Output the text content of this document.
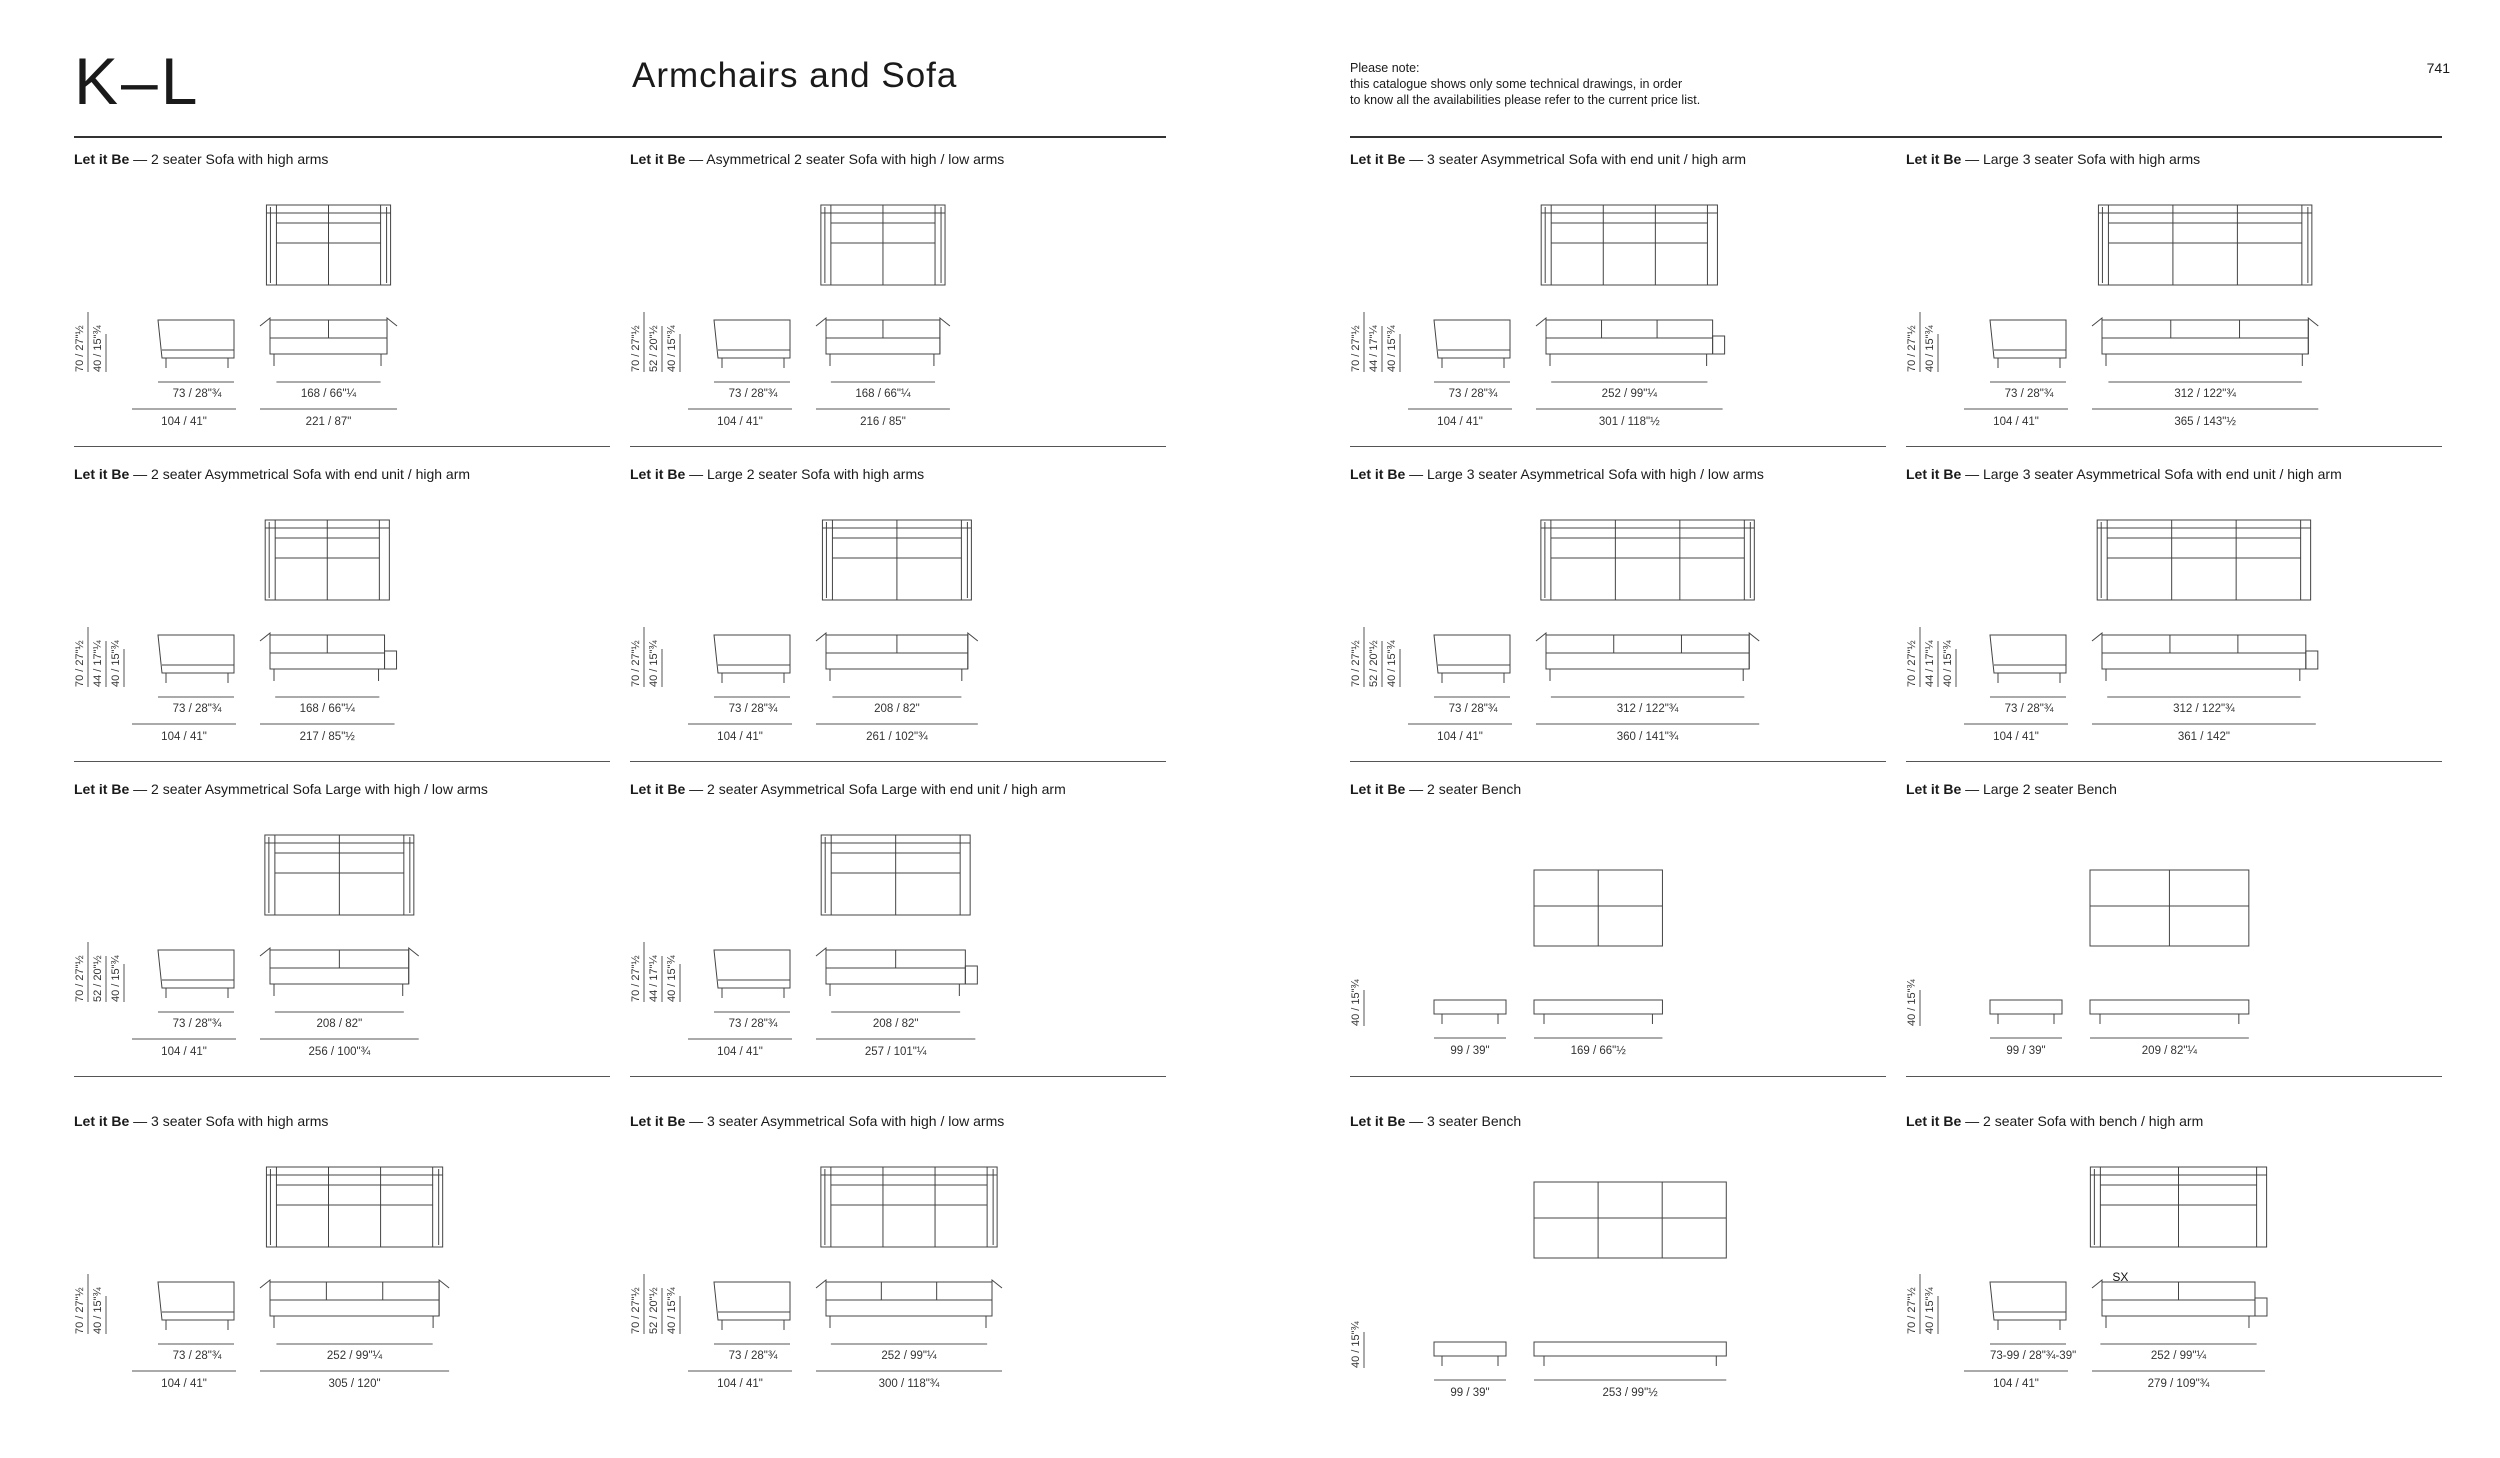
K–L	Armchairs and Sofa	Please note:
this catalogue shows only some technical drawings, in order
to know all the availabilities please refer to the current price list.
741
Let it Be — 2 seater Sofa with high arms
70 / 27"½ 40 / 15"¾
73 / 28"¾
104 / 41"
168 / 66"¼
221 / 87"
Let it Be — Asymmetrical 2 seater Sofa with high / low arms
70 / 27"½ 52 / 20"½ 40 / 15"¾
73 / 28"¾
104 / 41"
168 / 66"¼
216 / 85"
Let it Be — 3 seater Asymmetrical Sofa with end unit / high arm
70 / 27"½ 44 / 17"¼ 40 / 15"¾
73 / 28"¾
104 / 41"
252 / 99"¼
301 / 118"½
Let it Be — Large 3 seater Sofa with high arms
70 / 27"½ 40 / 15"¾
73 / 28"¾
104 / 41"
312 / 122"¾
365 / 143"½
Let it Be — 2 seater Asymmetrical Sofa with end unit / high arm
70 / 27"½ 44 / 17"¼ 40 / 15"¾
73 / 28"¾
104 / 41"
168 / 66"¼
217 / 85"½
Let it Be — Large 2 seater Sofa with high arms
70 / 27"½ 40 / 15"¾
73 / 28"¾
104 / 41"
208 / 82"
261 / 102"¾
Let it Be — Large 3 seater Asymmetrical Sofa with high / low arms
70 / 27"½ 52 / 20"½ 40 / 15"¾
73 / 28"¾
104 / 41"
312 / 122"¾
360 / 141"¾
Let it Be — Large 3 seater Asymmetrical Sofa with end unit / high arm
70 / 27"½ 44 / 17"¼ 40 / 15"¾
73 / 28"¾
104 / 41"
312 / 122"¾
361 / 142"
Let it Be — 2 seater Asymmetrical Sofa Large with high / low arms
70 / 27"½ 52 / 20"½ 40 / 15"¾
73 / 28"¾
104 / 41"
208 / 82"
256 / 100"¾
Let it Be — 2 seater Asymmetrical Sofa Large with end unit / high arm
70 / 27"½ 44 / 17"¼ 40 / 15"¾
73 / 28"¾
104 / 41"
208 / 82"
257 / 101"¼
Let it Be — 2 seater Bench
40 / 15"¾
99 / 39"	169 / 66"½
Let it Be — Large 2 seater Bench
40 / 15"¾
99 / 39"	209 / 82"¼
Let it Be — 3 seater Sofa with high arms
70 / 27"½ 40 / 15"¾
73 / 28"¾
104 / 41"
252 / 99"¼
305 / 120"
Let it Be — 3 seater Asymmetrical Sofa with high / low arms
70 / 27"½ 52 / 20"½ 40 / 15"¾
73 / 28"¾
104 / 41"
252 / 99"¼
300 / 118"¾
Let it Be — 3 seater Bench
40 / 15"¾
99 / 39"	253 / 99"½
Let it Be — 2 seater Sofa with bench / high arm
SX
70 / 27"½ 40 / 15"¾
73-99 / 28"¾-39"
104 / 41"
252 / 99"¼
279 / 109"¾
